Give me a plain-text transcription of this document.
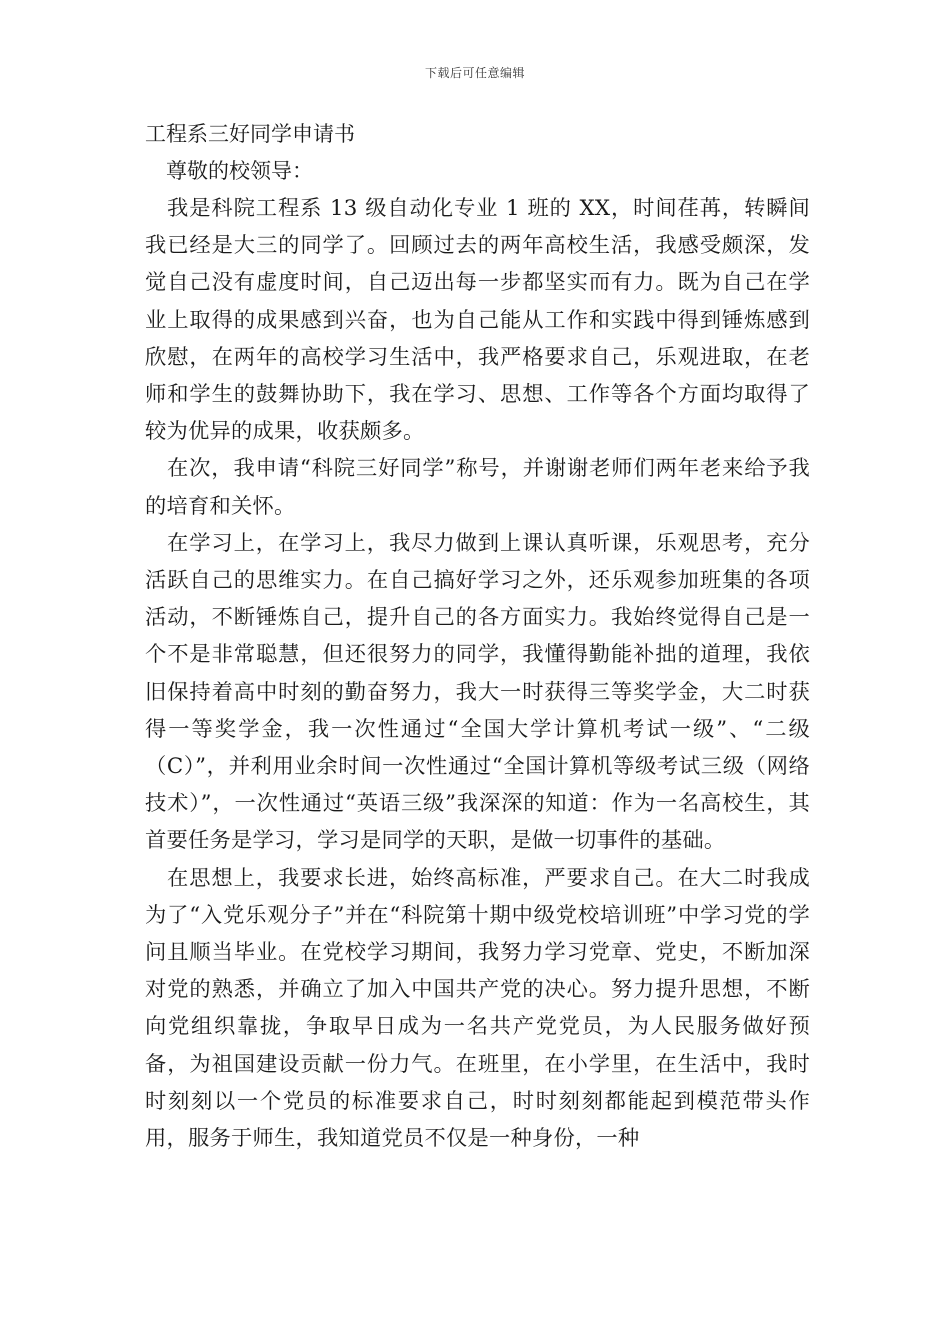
下载后可任意编辑

工程系三好同学申请书

尊敬的校领导：

我是科院工程系 13 级自动化专业 1 班的 XX，时间荏苒，转瞬间我已经是大三的同学了。回顾过去的两年高校生活，我感受颇深，发觉自己没有虚度时间，自己迈出每一步都坚实而有力。既为自己在学业上取得的成果感到兴奋，也为自己能从工作和实践中得到锤炼感到欣慰，在两年的高校学习生活中，我严格要求自己，乐观进取，在老师和学生的鼓舞协助下，我在学习、思想、工作等各个方面均取得了较为优异的成果，收获颇多。

在次，我申请“科院三好同学”称号，并谢谢老师们两年老来给予我的培育和关怀。

在学习上，在学习上，我尽力做到上课认真听课，乐观思考，充分活跃自己的思维实力。在自己搞好学习之外，还乐观参加班集的各项活动，不断锤炼自己，提升自己的各方面实力。我始终觉得自己是一个不是非常聪慧，但还很努力的同学，我懂得勤能补拙的道理，我依旧保持着高中时刻的勤奋努力，我大一时获得三等奖学金，大二时获得一等奖学金，我一次性通过“全国大学计算机考试一级”、“二级（C）”，并利用业余时间一次性通过“全国计算机等级考试三级（网络技术）”，一次性通过“英语三级”我深深的知道：作为一名高校生，其首要任务是学习，学习是同学的天职，是做一切事件的基础。

在思想上，我要求长进，始终高标准，严要求自己。在大二时我成为了“入党乐观分子”并在“科院第十期中级党校培训班”中学习党的学问且顺当毕业。在党校学习期间，我努力学习党章、党史，不断加深对党的熟悉，并确立了加入中国共产党的决心。努力提升思想，不断向党组织靠拢，争取早日成为一名共产党党员，为人民服务做好预备，为祖国建设贡献一份力气。在班里，在小学里，在生活中，我时时刻刻以一个党员的标准要求自己，时时刻刻都能起到模范带头作用，服务于师生，我知道党员不仅是一种身份，一种
